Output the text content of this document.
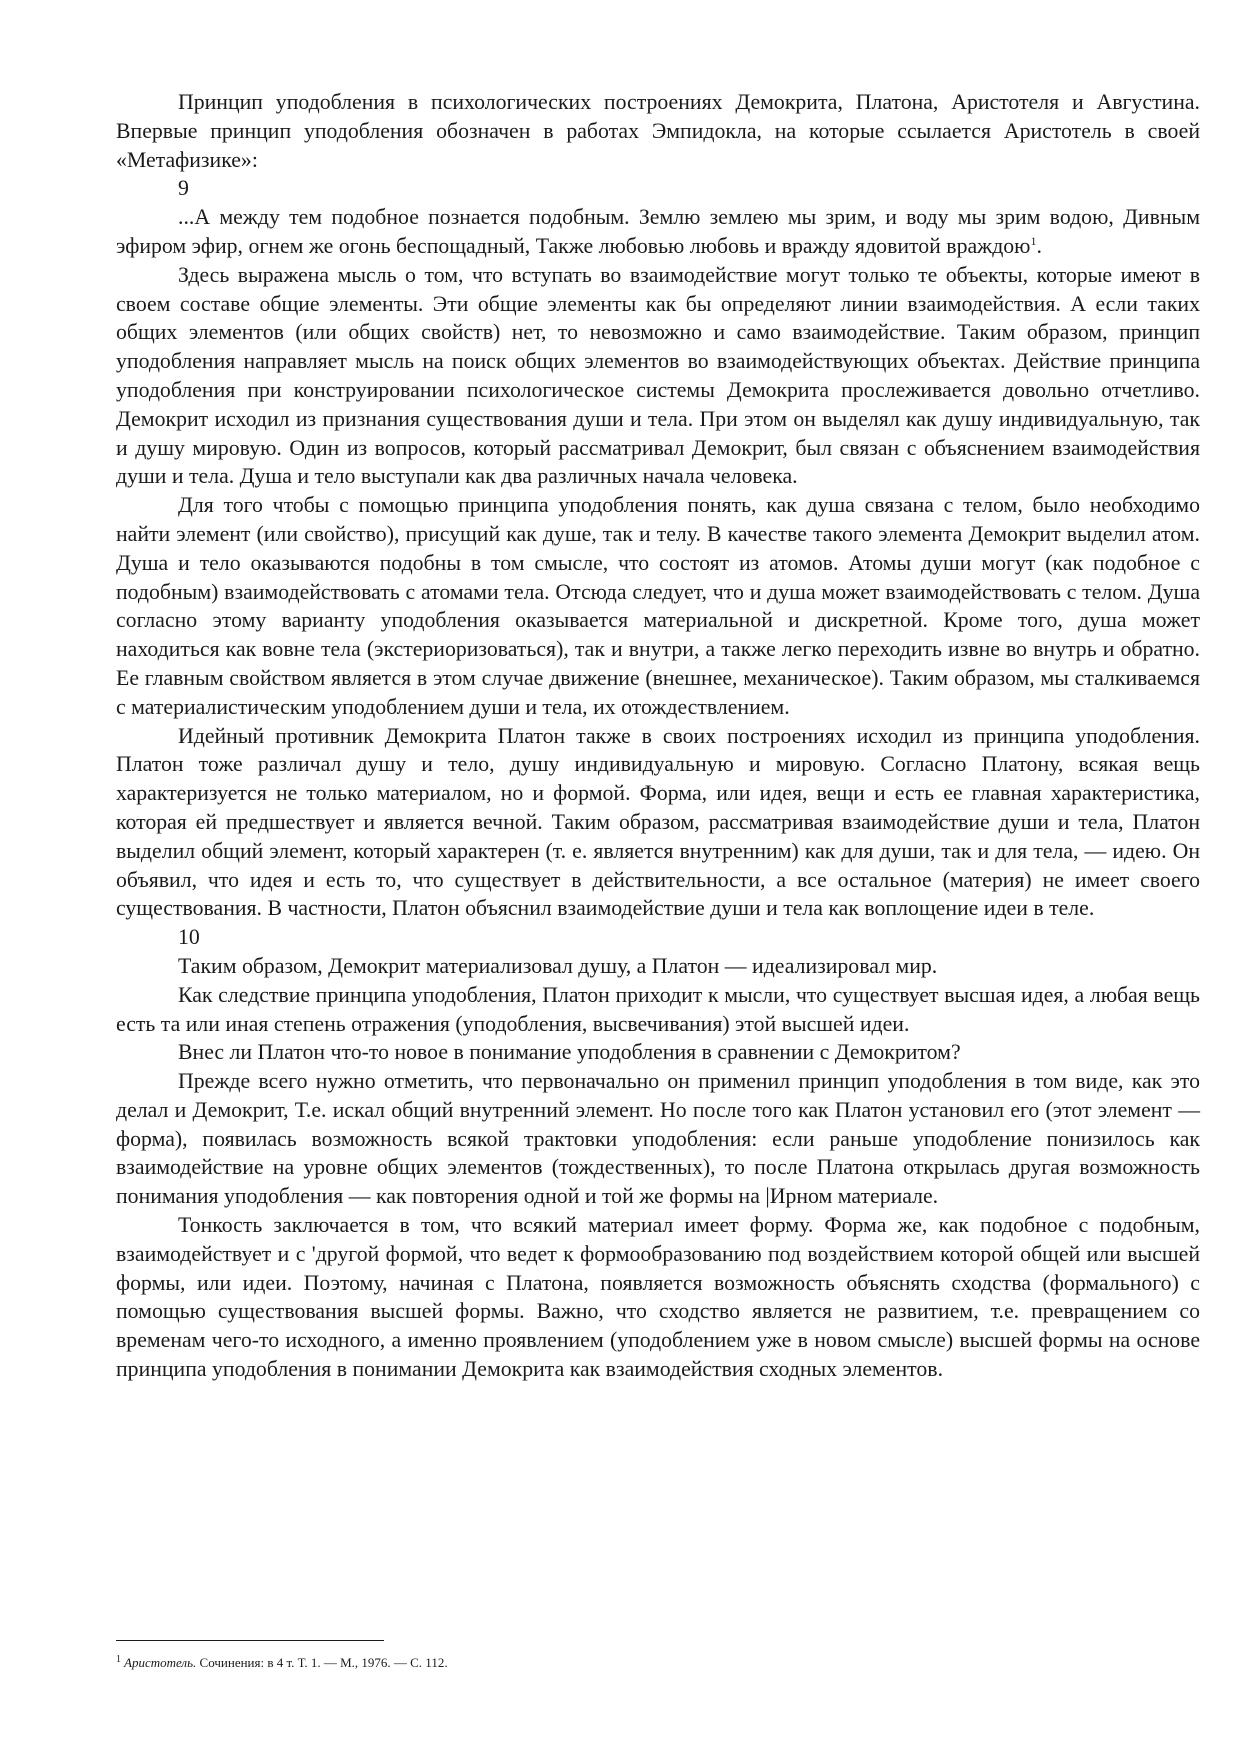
Принцип уподобления в психологических построениях Демокрита, Платона, Аристотеля и Августина. Впервые принцип уподобления обозначен в работах Эмпидокла, на которые ссылается Аристотель в своей «Метафизике»:

9

...А между тем подобное познается подобным. Землю землею мы зрим, и воду мы зрим водою, Дивным эфиром эфир, огнем же огонь беспощадный, Также любовью любовь и вражду ядовитой враждою$^1$.

Здесь выражена мысль о том, что вступать во взаимодействие могут только те объекты, которые имеют в своем составе общие элементы. Эти общие элементы как бы определяют линии взаимодействия. А если таких общих элементов (или общих свойств) нет, то невозможно и само взаимодействие. Таким образом, принцип уподобления направляет мысль на поиск общих элементов во взаимодействующих объектах. Действие принципа уподобления при конструировании психологическое системы Демокрита прослеживается довольно отчетливо. Демокрит исходил из признания существования души и тела. При этом он выделял как душу индивидуальную, так и душу мировую. Один из вопросов, который рассматривал Демокрит, был связан с объяснением взаимодействия души и тела. Душа и тело выступали как два различных начала человека.

Для того чтобы с помощью принципа уподобления понять, как душа связана с телом, было необходимо найти элемент (или свойство), присущий как душе, так и телу. В качестве такого элемента Демокрит выделил атом. Душа и тело оказываются подобны в том смысле, что состоят из атомов. Атомы души могут (как подобное с подобным) взаимодействовать с атомами тела. Отсюда следует, что и душа может взаимодействовать с телом. Душа согласно этому варианту уподобления оказывается материальной и дискретной. Кроме того, душа может находиться как вовне тела (экстериоризоваться), так и внутри, а также легко переходить извне во внутрь и обратно. Ее главным свойством является в этом случае движение (внешнее, механическое). Таким образом, мы сталкиваемся с материалистическим уподоблением души и тела, их отождествлением.

Идейный противник Демокрита Платон также в своих построениях исходил из принципа уподобления. Платон тоже различал душу и тело, душу индивидуальную и мировую. Согласно Платону, всякая вещь характеризуется не только материалом, но и формой. Форма, или идея, вещи и есть ее главная характеристика, которая ей предшествует и является вечной. Таким образом, рассматривая взаимодействие души и тела, Платон выделил общий элемент, который характерен (т. е. является внутренним) как для души, так и для тела, — идею. Он объявил, что идея и есть то, что существует в действительности, а все остальное (материя) не имеет своего существования. В частности, Платон объяснил взаимодействие души и тела как воплощение идеи в теле.

10

Таким образом, Демокрит материализовал душу, а Платон — идеализировал мир.

Как следствие принципа уподобления, Платон приходит к мысли, что существует высшая идея, а любая вещь есть та или иная степень отражения (уподобления, высвечивания) этой высшей идеи.

Внес ли Платон что-то новое в понимание уподобления в сравнении с Демокритом?

Прежде всего нужно отметить, что первоначально он применил принцип уподобления в том виде, как это делал и Демокрит, Т.е. искал общий внутренний элемент. Но после того как Платон установил его (этот элемент — форма), появилась возможность всякой трактовки уподобления: если раньше уподобление понизилось как взаимодействие на уровне общих элементов (тождественных), то после Платона открылась другая возможность понимания уподобления — как повторения одной и той же формы на |Ирном материале.

Тонкость заключается в том, что всякий материал имеет форму. Форма же, как подобное с подобным, взаимодействует и с 'другой формой, что ведет к формообразованию под воздействием которой общей или высшей формы, или идеи. Поэтому, начиная с Платона, появляется возможность объяснять сходства (формального) с помощью существования высшей формы. Важно, что сходство является не развитием, т.е. превращением со временам чего-то исходного, а именно проявлением (уподоблением уже в новом смысле) высшей формы на основе принципа уподобления в понимании Демокрита как взаимодействия сходных элементов.

$^1$ Аристотель. Сочинения: в 4 т. Т. 1. — М., 1976. — С. 112.
